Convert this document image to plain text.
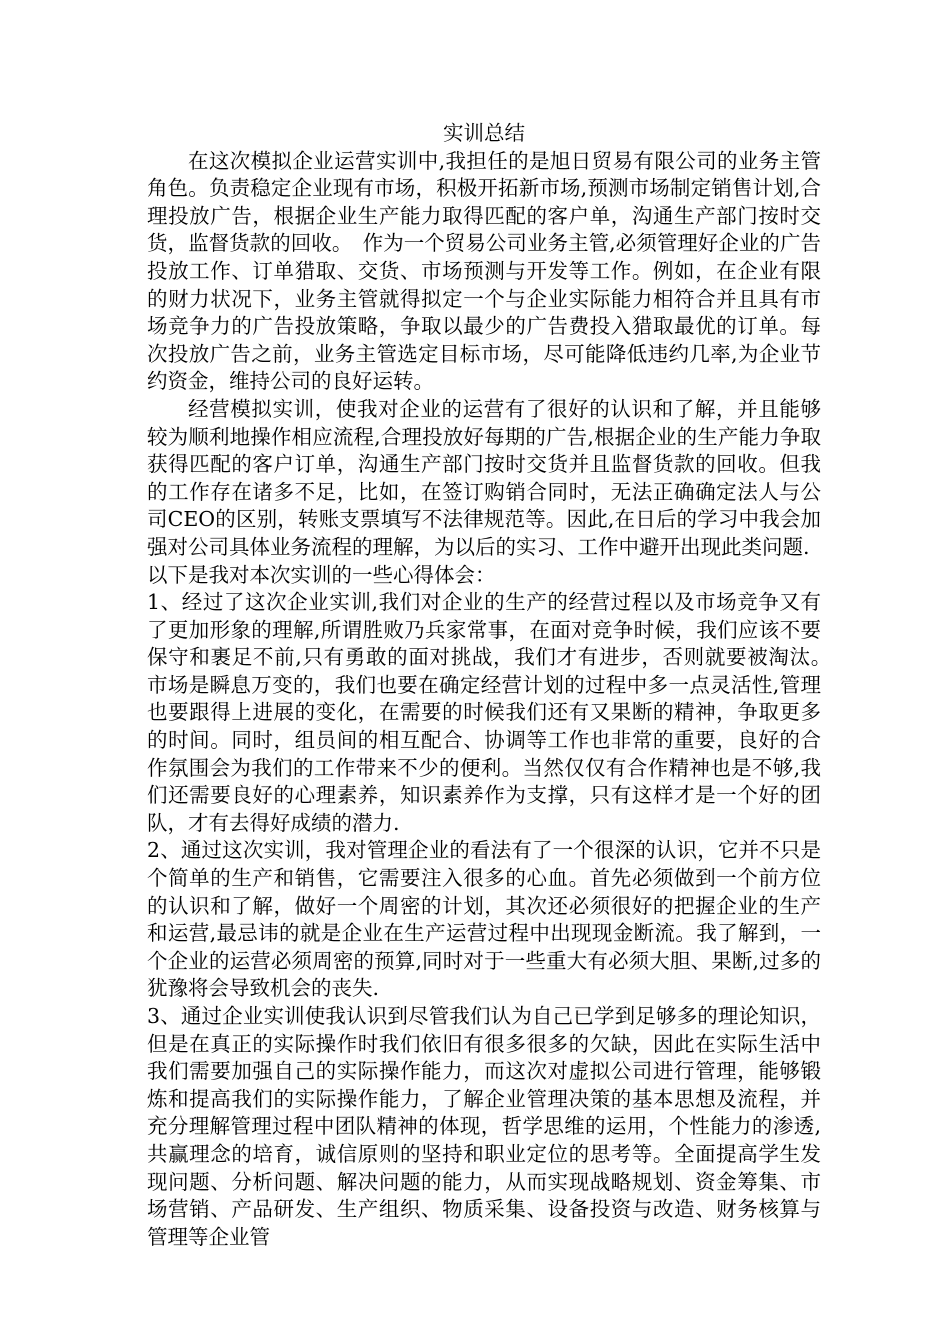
实训总结

在这次模拟企业运营实训中,我担任的是旭日贸易有限公司的业务主管角色。负责稳定企业现有市场，积极开拓新市场,预测市场制定销售计划,合理投放广告，根据企业生产能力取得匹配的客户单，沟通生产部门按时交货，监督货款的回收。　作为一个贸易公司业务主管,必须管理好企业的广告投放工作、订单猎取、交货、市场预测与开发等工作。例如，在企业有限的财力状况下，业务主管就得拟定一个与企业实际能力相符合并且具有市场竞争力的广告投放策略，争取以最少的广告费投入猎取最优的订单。每次投放广告之前，业务主管选定目标市场，尽可能降低违约几率,为企业节约资金，维持公司的良好运转。

经营模拟实训，使我对企业的运营有了很好的认识和了解，并且能够较为顺利地操作相应流程,合理投放好每期的广告,根据企业的生产能力争取获得匹配的客户订单，沟通生产部门按时交货并且监督货款的回收。但我的工作存在诸多不足，比如，在签订购销合同时，无法正确确定法人与公司CEO的区别，转账支票填写不法律规范等。因此,在日后的学习中我会加强对公司具体业务流程的理解，为以后的实习、工作中避开出现此类问题.

以下是我对本次实训的一些心得体会：

1、经过了这次企业实训,我们对企业的生产的经营过程以及市场竞争又有了更加形象的理解,所谓胜败乃兵家常事，在面对竞争时候，我们应该不要保守和裹足不前,只有勇敢的面对挑战，我们才有进步，否则就要被淘汰。　市场是瞬息万变的，我们也要在确定经营计划的过程中多一点灵活性,管理也要跟得上进展的变化，在需要的时候我们还有又果断的精神，争取更多的时间。同时，组员间的相互配合、协调等工作也非常的重要，良好的合作氛围会为我们的工作带来不少的便利。当然仅仅有合作精神也是不够,我们还需要良好的心理素养，知识素养作为支撑，只有这样才是一个好的团队，才有去得好成绩的潜力.

2、通过这次实训，我对管理企业的看法有了一个很深的认识，它并不只是个简单的生产和销售，它需要注入很多的心血。首先必须做到一个前方位的认识和了解，做好一个周密的计划，其次还必须很好的把握企业的生产和运营,最忌讳的就是企业在生产运营过程中出现现金断流。我了解到，一个企业的运营必须周密的预算,同时对于一些重大有必须大胆、果断,过多的犹豫将会导致机会的丧失.

3、通过企业实训使我认识到尽管我们认为自己已学到足够多的理论知识，但是在真正的实际操作时我们依旧有很多很多的欠缺，因此在实际生活中我们需要加强自己的实际操作能力，而这次对虚拟公司进行管理，能够锻炼和提高我们的实际操作能力，了解企业管理决策的基本思想及流程，并充分理解管理过程中团队精神的体现，哲学思维的运用，个性能力的渗透,共赢理念的培育，诚信原则的坚持和职业定位的思考等。全面提高学生发现问题、分析问题、解决问题的能力，从而实现战略规划、资金筹集、市场营销、产品研发、生产组织、物质采集、设备投资与改造、财务核算与管理等企业管
